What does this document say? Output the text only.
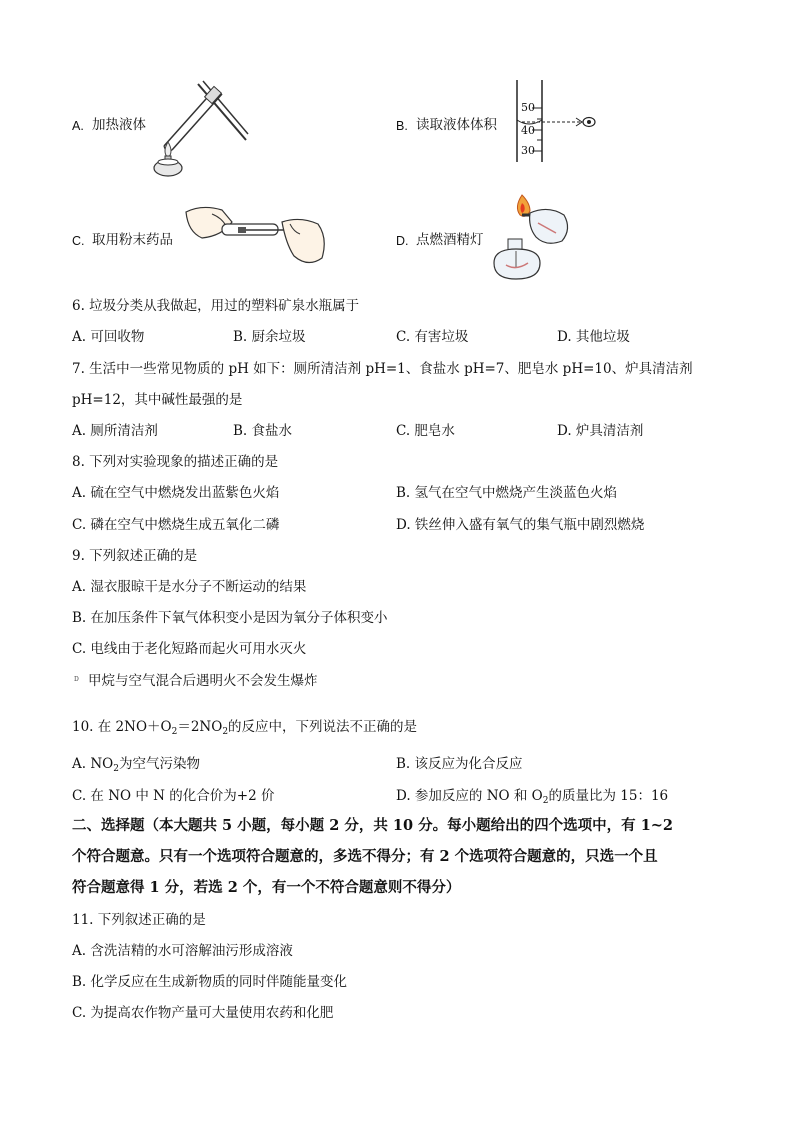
A. 加热液体	B. 读取液体体积
50
40
30
C. 取用粉末药品	D. 点燃酒精灯
6. 垃圾分类从我做起，用过的塑料矿泉水瓶属于
A. 可回收物	B. 厨余垃圾	C. 有害垃圾	D. 其他垃圾
7. 生活中一些常见物质的 pH 如下：厕所清洁剂 pH=1、食盐水 pH=7、肥皂水 pH=10、炉具清洁剂
pH=12，其中碱性最强的是
A. 厕所清洁剂	B. 食盐水	C. 肥皂水	D. 炉具清洁剂
8. 下列对实验现象的描述正确的是
A. 硫在空气中燃烧发出蓝紫色火焰	B. 氢气在空气中燃烧产生淡蓝色火焰
C. 磷在空气中燃烧生成五氧化二磷	D. 铁丝伸入盛有氧气的集气瓶中剧烈燃烧
9. 下列叙述正确的是
A. 湿衣服晾干是水分子不断运动的结果
B. 在加压条件下氧气体积变小是因为氧分子体积变小
C. 电线由于老化短路而起火可用水灭火
甲烷与空气混合后遇明火不会发生爆炸
D
10. 在 $2NO+O_2=2NO_2$的反应中，下列说法不正确的是
A. $NO_2$为空气污染物	B. 该反应为化合反应
C. 在 NO 中 N 的化合价为+2 价	D. 参加反应的 NO 和 $O_2$的质量比为 15：16
二、选择题（本大题共 5 小题，每小题 2 分，共 10 分。每小题给出的四个选项中，有 1~2
个符合题意。只有一个选项符合题意的，多选不得分；有 2 个选项符合题意的，只选一个且
符合题意得 1 分，若选 2 个，有一个不符合题意则不得分）
11. 下列叙述正确的是
A. 含洗洁精的水可溶解油污形成溶液
B. 化学反应在生成新物质的同时伴随能量变化
C. 为提高农作物产量可大量使用农药和化肥
